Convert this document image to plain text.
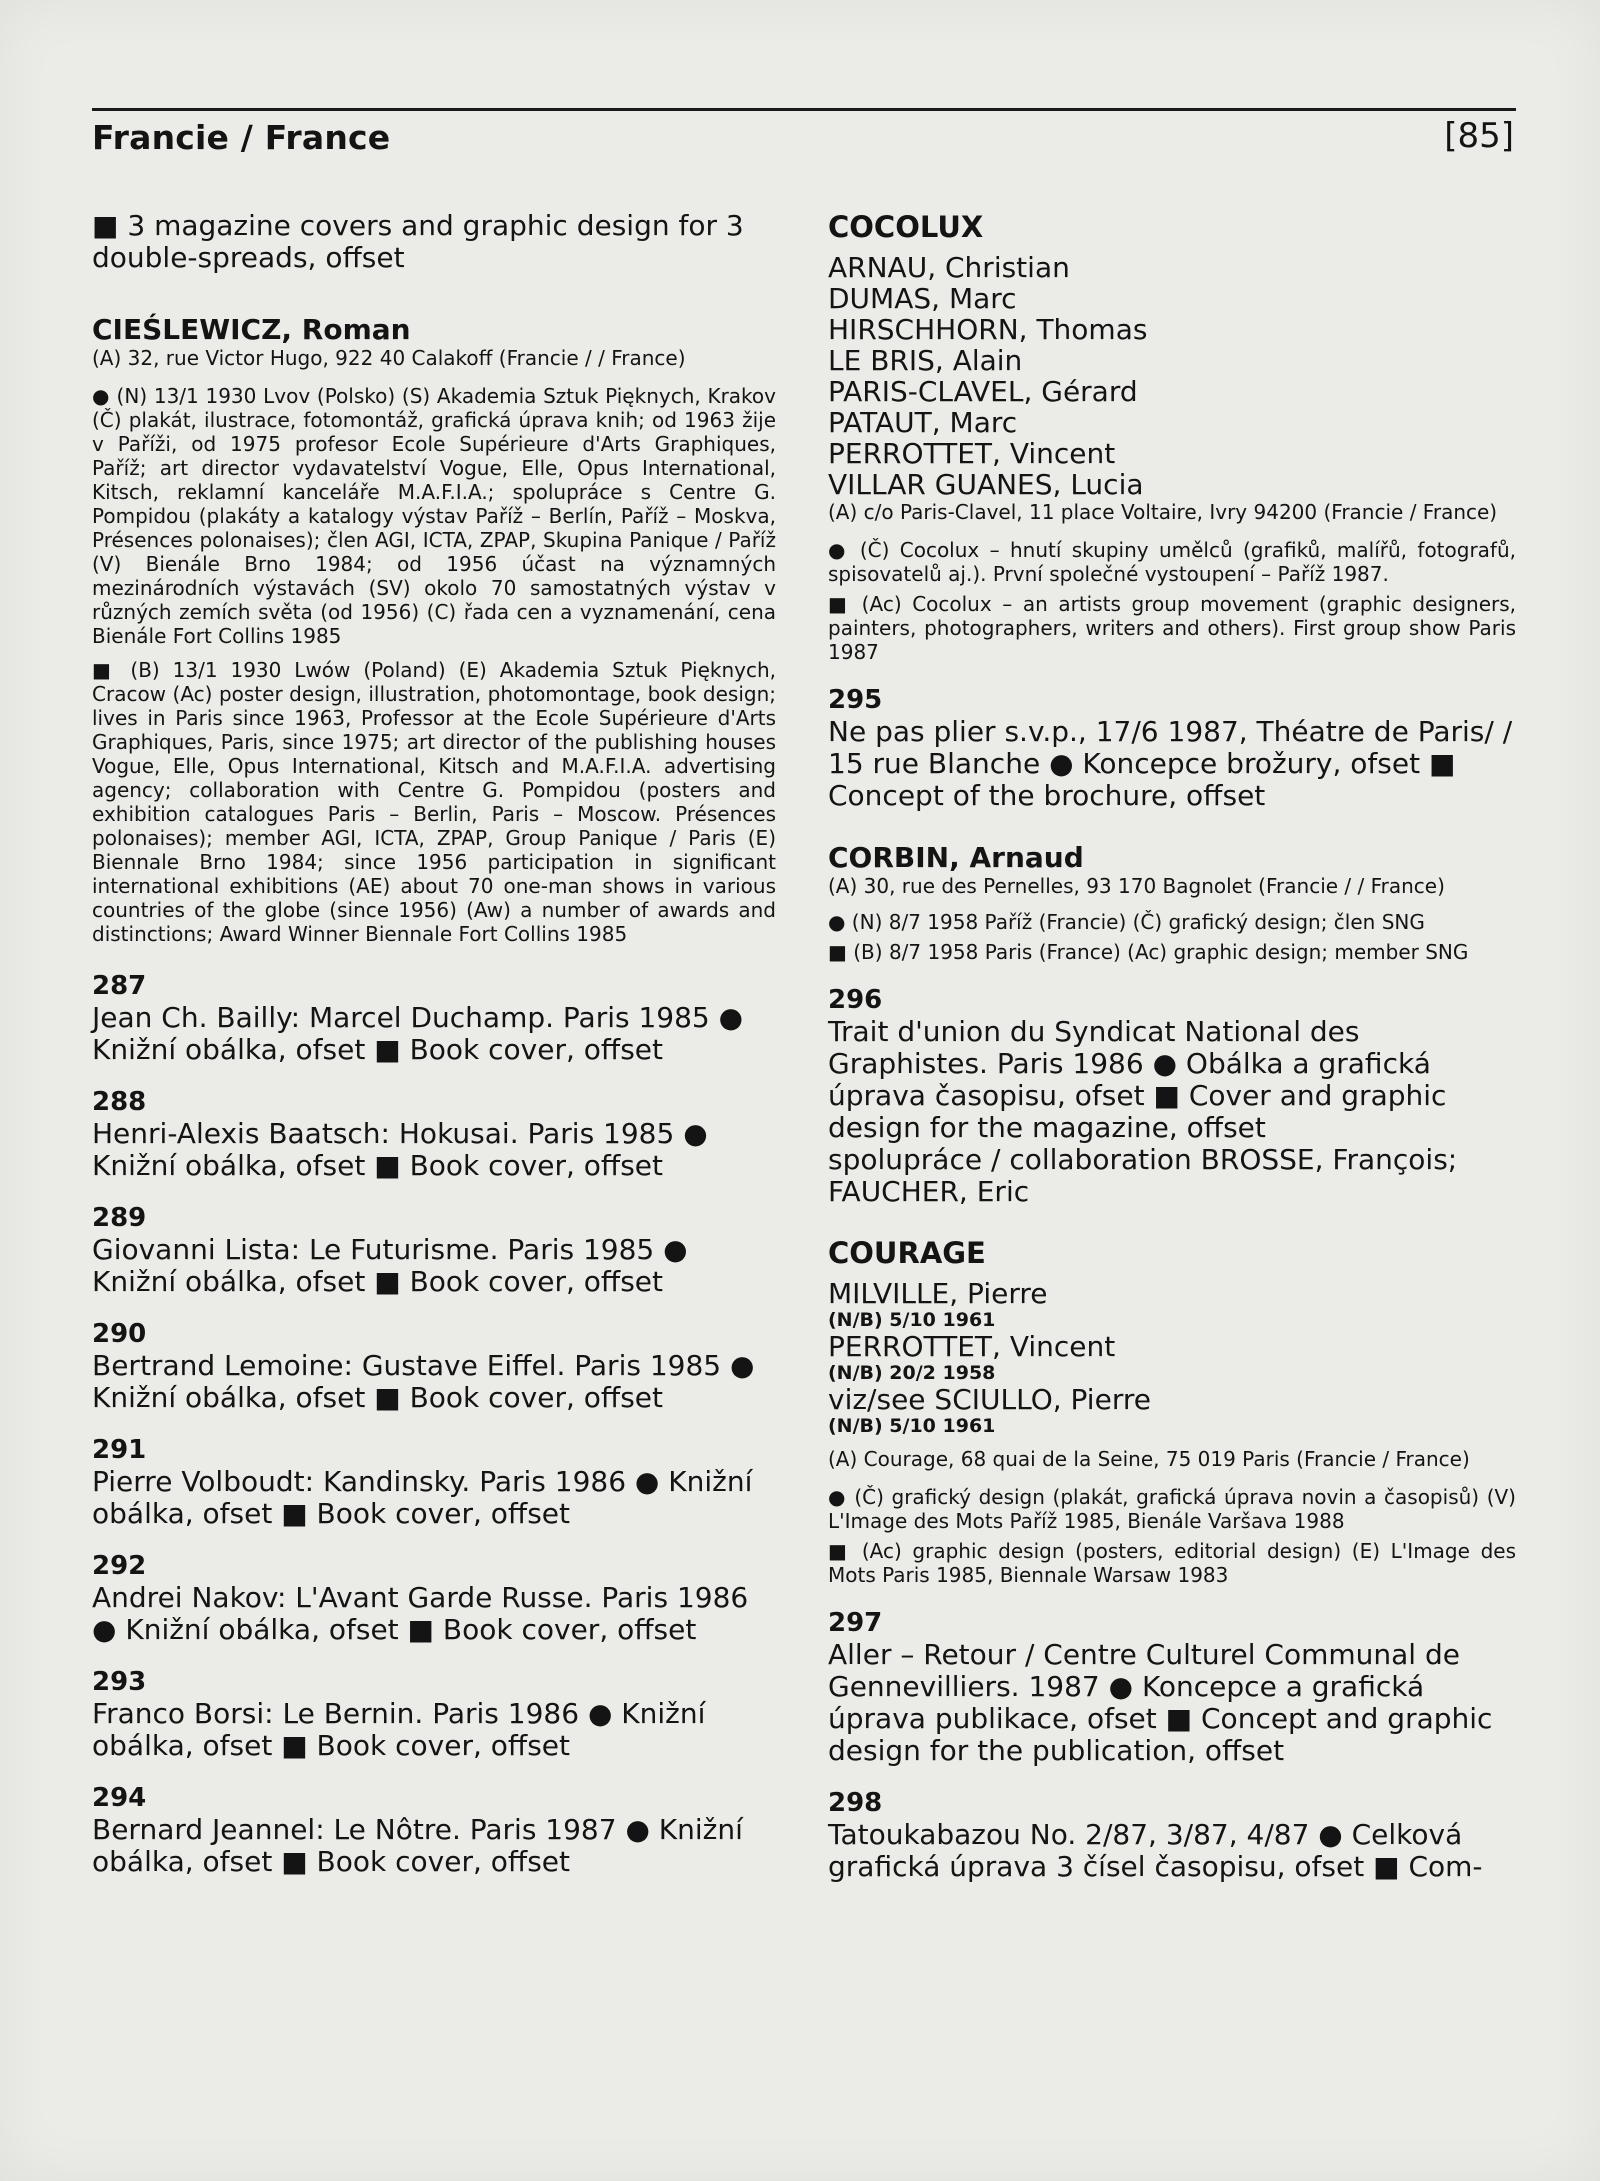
Francie / France	[85]
■ 3 magazine covers and graphic design for 3 double-spreads, offset
CIEŚLEWICZ, Roman
(A) 32, rue Victor Hugo, 922 40 Calakoff (Francie / / France)
● (N) 13/1 1930 Lvov (Polsko) (S) Akademia Sztuk Pięknych, Krakov (Č) plakát, ilustrace, fotomontáž, grafická úprava knih; od 1963 žije v Paříži, od 1975 profesor Ecole Supérieure d'Arts Graphiques, Paříž; art director vydavatelství Vogue, Elle, Opus International, Kitsch, reklamní kanceláře M.A.F.I.A.; spolupráce s Centre G. Pompidou (plakáty a katalogy výstav Paříž – Berlín, Paříž – Moskva, Présences polonaises); člen AGI, ICTA, ZPAP, Skupina Panique / Paříž (V) Bienále Brno 1984; od 1956 účast na významných mezinárodních výstavách (SV) okolo 70 samostatných výstav v různých zemích světa (od 1956) (C) řada cen a vyznamenání, cena Bienále Fort Collins 1985
■ (B) 13/1 1930 Lwów (Poland) (E) Akademia Sztuk Pięknych, Cracow (Ac) poster design, illustration, photomontage, book design; lives in Paris since 1963, Professor at the Ecole Supérieure d'Arts Graphiques, Paris, since 1975; art director of the publishing houses Vogue, Elle, Opus International, Kitsch and M.A.F.I.A. advertising agency; collaboration with Centre G. Pompidou (posters and exhibition catalogues Paris – Berlin, Paris – Moscow. Présences polonaises); member AGI, ICTA, ZPAP, Group Panique / Paris (E) Biennale Brno 1984; since 1956 participation in significant international exhibitions (AE) about 70 one-man shows in various countries of the globe (since 1956) (Aw) a number of awards and distinctions; Award Winner Biennale Fort Collins 1985
287
Jean Ch. Bailly: Marcel Duchamp. Paris 1985 ● Knižní obálka, ofset ■ Book cover, offset
288
Henri-Alexis Baatsch: Hokusai. Paris 1985 ● Knižní obálka, ofset ■ Book cover, offset
289
Giovanni Lista: Le Futurisme. Paris 1985 ● Knižní obálka, ofset ■ Book cover, offset
290
Bertrand Lemoine: Gustave Eiffel. Paris 1985 ● Knižní obálka, ofset ■ Book cover, offset
291
Pierre Volboudt: Kandinsky. Paris 1986 ● Knižní obálka, ofset ■ Book cover, offset
292
Andrei Nakov: L'Avant Garde Russe. Paris 1986 ● Knižní obálka, ofset ■ Book cover, offset
293
Franco Borsi: Le Bernin. Paris 1986 ● Knižní obálka, ofset ■ Book cover, offset
294
Bernard Jeannel: Le Nôtre. Paris 1987 ● Knižní obálka, ofset ■ Book cover, offset
COCOLUX
ARNAU, Christian
DUMAS, Marc
HIRSCHHORN, Thomas
LE BRIS, Alain
PARIS-CLAVEL, Gérard
PATAUT, Marc
PERROTTET, Vincent
VILLAR GUANES, Lucia
(A) c/o Paris-Clavel, 11 place Voltaire, Ivry 94200 (Francie / France)
● (Č) Cocolux – hnutí skupiny umělců (grafiků, malířů, fotografů, spisovatelů aj.). První společné vystoupení – Paříž 1987.
■ (Ac) Cocolux – an artists group movement (graphic designers, painters, photographers, writers and others). First group show Paris 1987
295
Ne pas plier s.v.p., 17/6 1987, Théatre de Paris/ / 15 rue Blanche ● Koncepce brožury, ofset ■ Concept of the brochure, offset
CORBIN, Arnaud
(A) 30, rue des Pernelles, 93 170 Bagnolet (Francie / / France)
● (N) 8/7 1958 Paříž (Francie) (Č) grafický design; člen SNG
■ (B) 8/7 1958 Paris (France) (Ac) graphic design; member SNG
296
Trait d'union du Syndicat National des Graphistes. Paris 1986 ● Obálka a grafická úprava časopisu, ofset ■ Cover and graphic design for the magazine, offset
spolupráce / collaboration BROSSE, François; FAUCHER, Eric
COURAGE
MILVILLE, Pierre
(N/B) 5/10 1961
PERROTTET, Vincent
(N/B) 20/2 1958
viz/see SCIULLO, Pierre
(N/B) 5/10 1961
(A) Courage, 68 quai de la Seine, 75 019 Paris (Francie / France)
● (Č) grafický design (plakát, grafická úprava novin a časopisů) (V) L'Image des Mots Paříž 1985, Bienále Varšava 1988
■ (Ac) graphic design (posters, editorial design) (E) L'Image des Mots Paris 1985, Biennale Warsaw 1983
297
Aller – Retour / Centre Culturel Communal de Gennevilliers. 1987 ● Koncepce a grafická úprava publikace, ofset ■ Concept and graphic design for the publication, offset
298
Tatoukabazou No. 2/87, 3/87, 4/87 ● Celková grafická úprava 3 čísel časopisu, ofset ■ Com-
